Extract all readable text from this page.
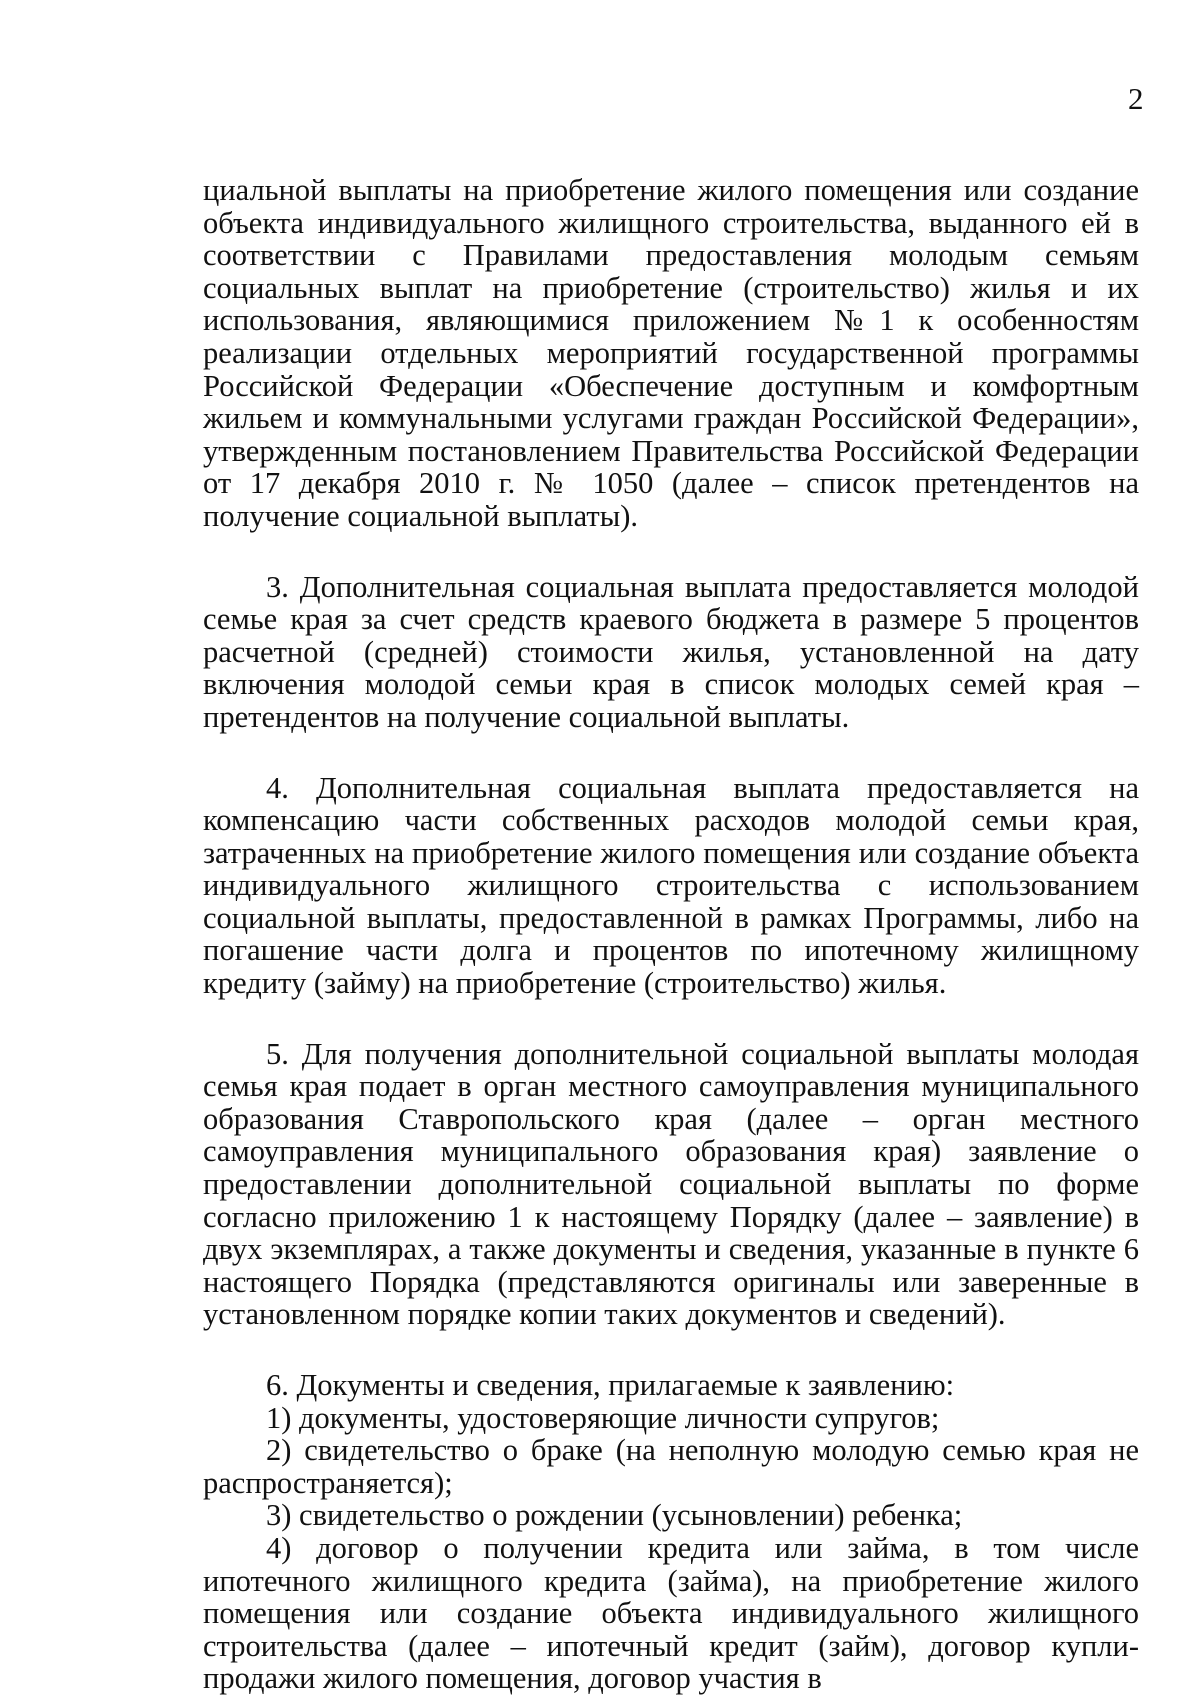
2

циальной выплаты на приобретение жилого помещения или создание объекта индивидуального жилищного строительства, выданного ей в соответствии с Правилами предоставления молодым семьям социальных выплат на приобретение (строительство) жилья и их использования, являющимися приложением №1 к особенностям реализации отдельных мероприятий государственной программы Российской Федерации «Обеспечение доступным и комфортным жильем и коммунальными услугами граждан Российской Федерации», утвержденным постановлением Правительства Российской Федерации от 17 декабря 2010 г. № 1050 (далее – список претендентов на получение социальной выплаты).

3. Дополнительная социальная выплата предоставляется молодой семье края за счет средств краевого бюджета в размере 5 процентов расчетной (средней) стоимости жилья, установленной на дату включения молодой семьи края в список молодых семей края – претендентов на получение социальной выплаты.

4. Дополнительная социальная выплата предоставляется на компенсацию части собственных расходов молодой семьи края, затраченных на приобретение жилого помещения или создание объекта индивидуального жилищного строительства с использованием социальной выплаты, предоставленной в рамках Программы, либо на погашение части долга и процентов по ипотечному жилищному кредиту (займу) на приобретение (строительство) жилья.

5. Для получения дополнительной социальной выплаты молодая семья края подает в орган местного самоуправления муниципального образования Ставропольского края (далее – орган местного самоуправления муниципального образования края) заявление о предоставлении дополнительной социальной выплаты по форме согласно приложению 1 к настоящему Порядку (далее – заявление) в двух экземплярах, а также документы и сведения, указанные в пункте 6 настоящего Порядка (представляются оригиналы или заверенные в установленном порядке копии таких документов и сведений).

6. Документы и сведения, прилагаемые к заявлению:

1) документы, удостоверяющие личности супругов;

2) свидетельство о браке (на неполную молодую семью края не распространяется);

3) свидетельство о рождении (усыновлении) ребенка;

4) договор о получении кредита или займа, в том числе ипотечного жилищного кредита (займа), на приобретение жилого помещения или создание объекта индивидуального жилищного строительства (далее – ипотечный кредит (займ), договор купли-продажи жилого помещения, договор участия в
